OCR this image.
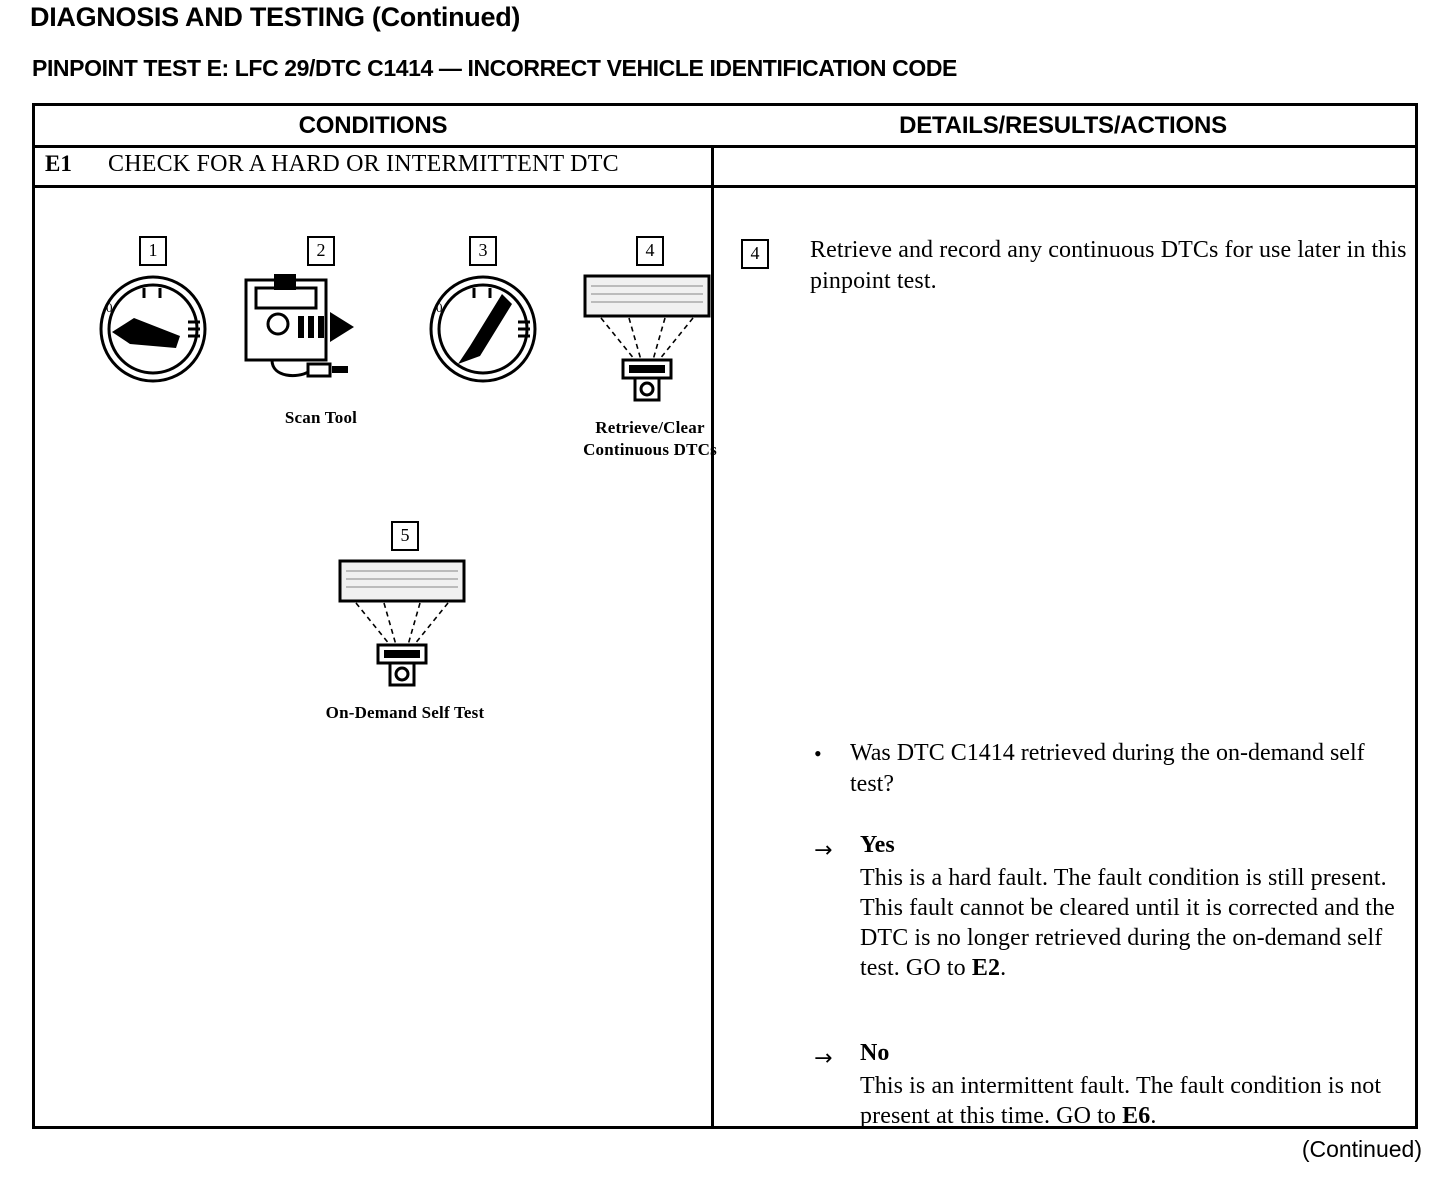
DIAGNOSIS AND TESTING (Continued)
PINPOINT TEST E: LFC 29/DTC C1414 — INCORRECT VEHICLE IDENTIFICATION CODE
CONDITIONS	DETAILS/RESULTS/ACTIONS
E1 CHECK FOR A HARD OR INTERMITTENT DTC
1
0
2
Scan Tool
3
0
4
Retrieve/Clear
Continuous DTCs
5
On-Demand Self Test
4	Retrieve and record any continuous DTCs for use later in this pinpoint test.
• Was DTC C1414 retrieved during the on-demand self test?
→ Yes
This is a hard fault. The fault condition is still present. This fault cannot be cleared until it is corrected and the DTC is no longer retrieved during the on-demand self test. GO to E2.
→ No
This is an intermittent fault. The fault condition is not present at this time. GO to E6.
(Continued)
